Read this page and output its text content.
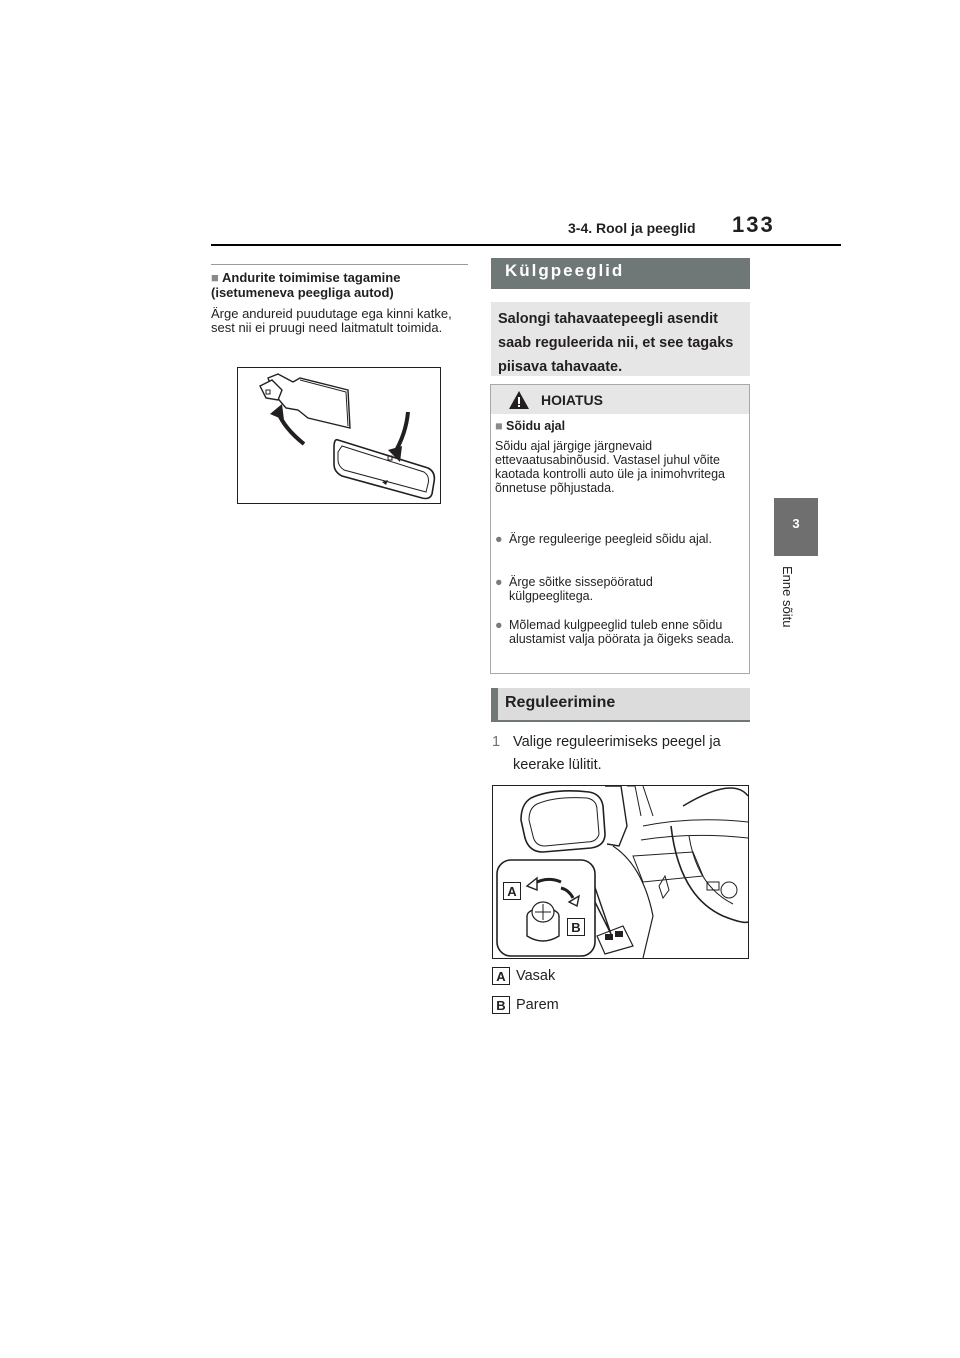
3-4. Rool ja peeglid 133
3
Enne sõitu
■ Andurite toimimise tagamine (isetumeneva peegliga autod)
Ärge andureid puudutage ega kinni katke, sest nii ei pruugi need laitmatult toimida.
Külgpeeglid
Salongi tahavaatepeegli asendit saab reguleerida nii, et see tagaks piisava tahavaate.
HOIATUS
■ Sõidu ajal
Sõidu ajal järgige järgnevaid ettevaatusabinõusid. Vastasel juhul võite kaotada kontrolli auto üle ja inimohvritega õnnetuse põhjustada.
● Ärge reguleerige peegleid sõidu ajal.
● Ärge sõitke sissepööratud külgpeeglitega.
● Mõlemad kulgpeeglid tuleb enne sõidu alustamist valja pöörata ja õigeks seada.
Reguleerimine
1 Valige reguleerimiseks peegel ja keerake lülitit.
A
B
A Vasak
B Parem
